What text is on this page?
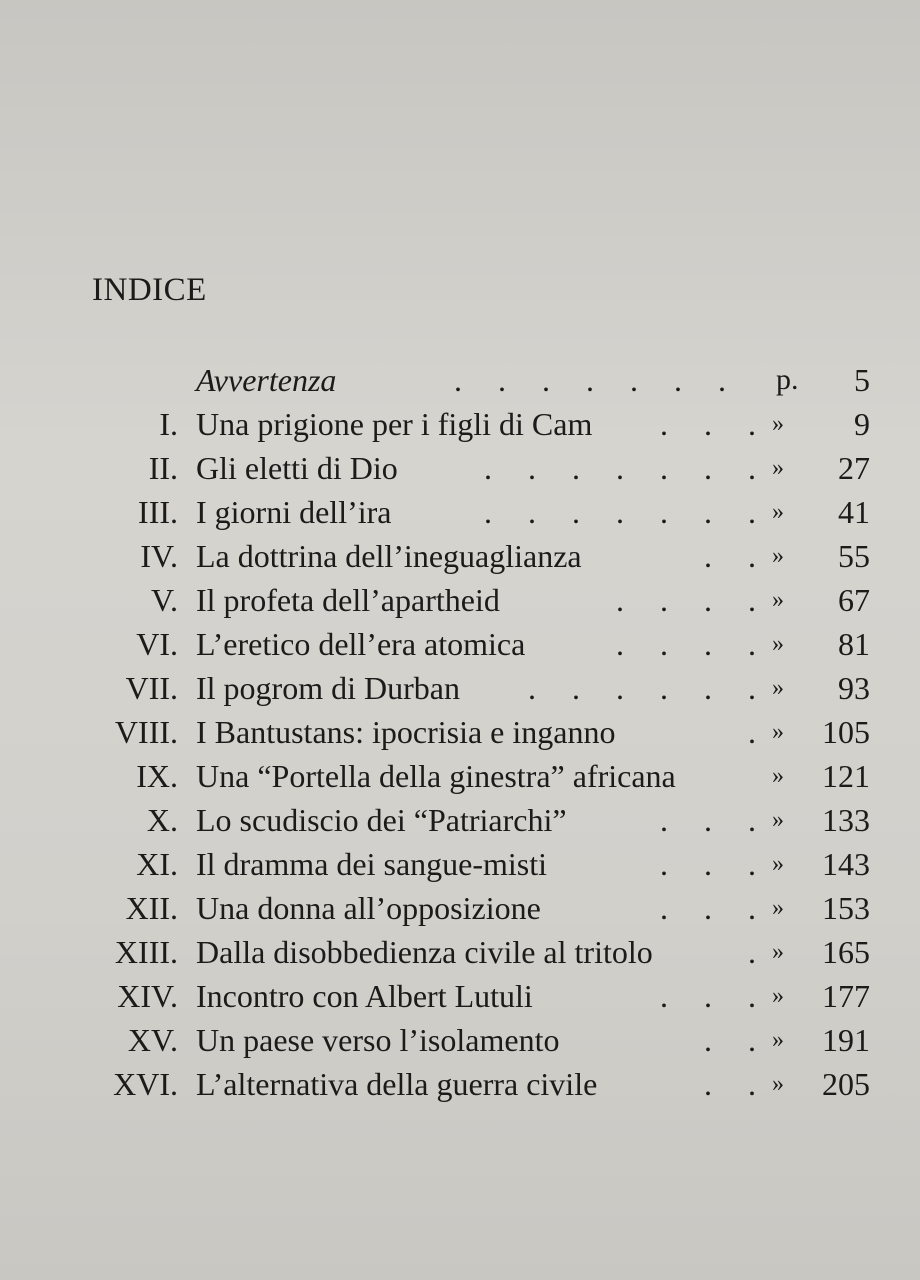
INDICE
Avvertenza	. . . . . . . p. 5
I. Una prigione per i figli di Cam . . . » 9
II. Gli eletti di Dio	. . . . . . . » 27
III. I giorni dell’ira	. . . . . . . » 41
IV. La dottrina dell’ineguaglianza	. . » 55
V. Il profeta dell’apartheid	. . . . » 67
VI. L’eretico dell’era atomica	. . . . » 81
VII. Il pogrom di Durban . . . . . . » 93
VIII. I Bantustans: ipocrisia e inganno	. » 105
IX. Una “Portella della ginestra” africana	» 121
X. Lo scudiscio dei “Patriarchi”	. . . » 133
XI. Il dramma dei sangue-misti	. . . » 143
XII. Una donna all’opposizione	. . . » 153
XIII. Dalla disobbedienza civile al tritolo	. » 165
XIV. Incontro con Albert Lutuli	. . . » 177
XV. Un paese verso l’isolamento	. . » 191
XVI. L’alternativa della guerra civile	. . » 205
